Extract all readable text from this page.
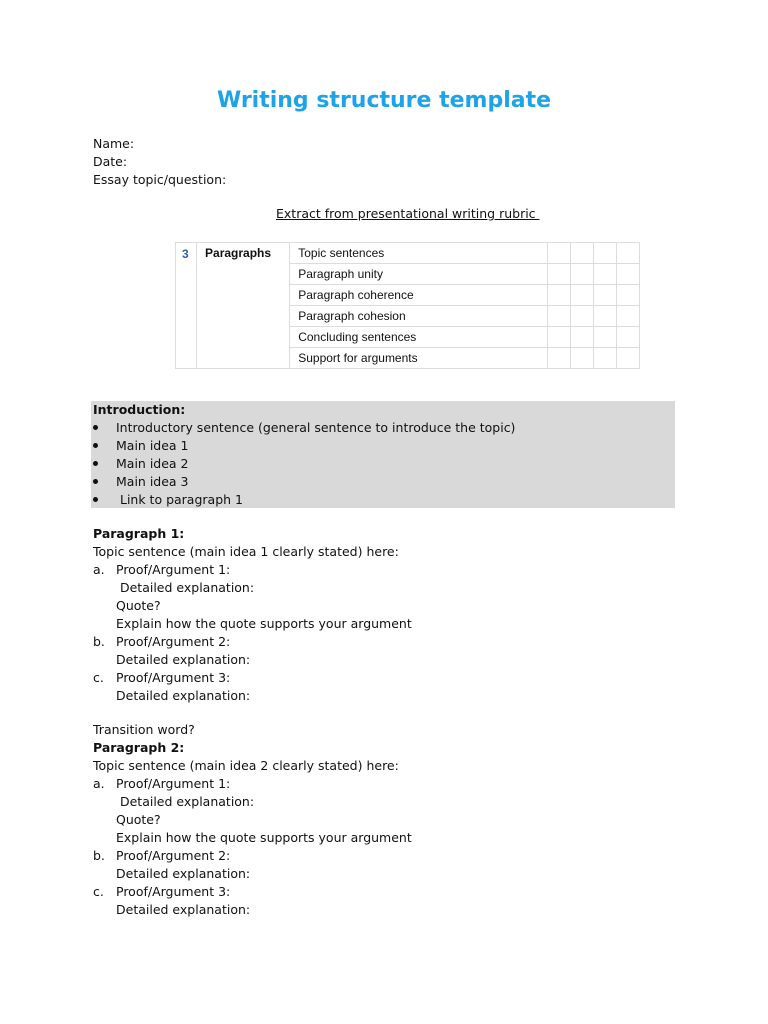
Writing structure template
Name:
Date:
Essay topic/question:
Extract from presentational writing rubric
3	Paragraphs	Topic sentences				
		Paragraph unity				
		Paragraph coherence				
		Paragraph cohesion				
		Concluding sentences				
		Support for arguments				
Introduction:
Introductory sentence (general sentence to introduce the topic)
Main idea 1
Main idea 2
Main idea 3
Link to paragraph 1
Paragraph 1:
Topic sentence (main idea 1 clearly stated) here:
a. Proof/Argument 1:
Detailed explanation:
Quote?
Explain how the quote supports your argument
b. Proof/Argument 2:
Detailed explanation:
c. Proof/Argument 3:
Detailed explanation:
Transition word?
Paragraph 2:
Topic sentence (main idea 2 clearly stated) here:
a. Proof/Argument 1:
Detailed explanation:
Quote?
Explain how the quote supports your argument
b. Proof/Argument 2:
Detailed explanation:
c. Proof/Argument 3:
Detailed explanation:
